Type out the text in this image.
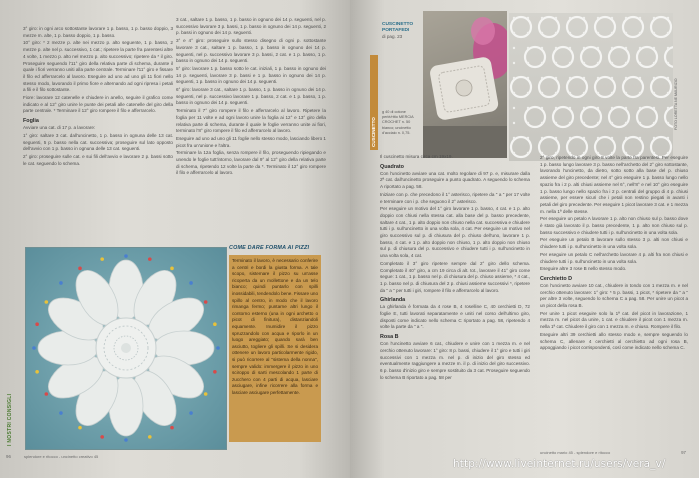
3° giro: in ogni arco sottostante lavorare 1 p. basso, 1 p. basso doppio, 3 mezze m. alte, 1 p. basso doppio, 1 p. basso.

10° giro: * 2 mezze p. alte nei mezzo p. alto seguente, 1 p. basso, 2 mezze p. alte nel p. successivo, 1 cat.; ripetere la parte fra parentesi altre 4 volte, 1 mezzo p. alto nel mezzo p. alto successivo; ripetere da * il giro. Proseguire seguendo l'11° giro della relativa parte di schema, durante il quale i fiori verranno uniti alla parte centrale. Terminare l'11° giro e fissare il filo ed afferrarcelo al lavoro. Eseguire ad uno ad uno gli 11 fiori nello stesso modo, lavorando il primo fiore e alternando ad ogni ripresa i petali a fili e il filo sottostante.

Fiore: lavorare 12 catenelle e chiudere in anello, seguire il grafico come indicato e al 12° giro unire le punte dei petali alle catenelle del giro della parte centrale. * Terminare il 12° giro rompere il filo e afferrarcelo.

Foglia

Avviare una cat. di 17 p. a lavorare:

1° giro: saltare 3 cat. dall'uncinetto, 1 p. basso in ognuna delle 13 cat. seguenti, 5 p. basso nella cat. successiva; proseguire sul lato opposto dell'avvio con 1 p. basso in ognuna delle 13 cat. seguenti.

2° giro: proseguire sulle cat. e sui fili dell'avvio e lavorare 2 p. bassi sotto le cat. seguendo lo schema.

3 cat., saltare 1 p. basso, 1 p. basso in ognuno dei 14 p. seguenti, nel p. successivo lavorare 3 p. bassi, 1 p. basso in ognuno dei 14 p. seguenti, 2 p. bassi in ognuno dei 14 p. seguenti.

3° e 4° giro: proseguire sullo stesso disegno di ogni p. sottostante lavorare 3 cat., saltare 1 p. basso, 1 p. basso in ognuno dei 14 p. seguenti, nel p. successivo lavorare 3 p. bassi, 2 cat. e 1 p. basso, 1 p. basso in ognuno dei 14 p. seguenti.

5° giro: lavorare 1 p. basso sotto le cat. iniziali, 1 p. basso in ognuno dei 14 p. seguenti, lavorare 3 p. bassi e 1 p. basso in ognuno dei 14 p. seguenti, 1 p. basso in ognuno dei 14 p. seguenti.

6° giro: lavorare 3 cat., saltare 1 p. basso, 1 p. basso in ognuno dei 14 p. seguenti, nel p. successivo lavorare 1 p. basso, 2 cat. e 1 p. basso, 1 p. basso in ognuno dei 14 p. seguenti.

Terminato il 7° giro rompere il filo e afferrarcelo al lavoro. Ripetere la foglia per 11 volte e ad ogni lavoro unire la foglia ai 12° e 13° giro della relativa parte di schema, durante il quale le foglie verranno unite ai fiori, terminato l'8° giro rompere il filo ed afferrarcelo al lavoro.

Eseguire ad uno ad uno gli 11 foglie nello stesso modo, lasciando libero 1 picot fra un'unione e l'altra.

Terminare la 12a foglia, senza rompere il filo, proseguendo ripiegando e unendo le foglie tutt'intorno, lavorare dal 9° al 12° giro della relativa parte di schema, ripetendo 12 volte la parte da *. Terminato il 12° giro rompere il filo e afferrarcelo al lavoro.

COME DARE FORMA AI PIZZI
Terminato il lavoro, è necessario conferire a centri e bordi la giusta forma. A tale scopo, sistemare il pizzo su un'asse ricoperta da un mollettone e da un telo bianco; quindi puntarlo con spilli inossidabili, tendendolo bene. Fissare uno spillo al centro, in modo che il lavoro rimanga fermo; puntarne altri lungo il contorno esterno (una in ogni archetto o picot di finitura), distanziandoli equamente. Inumidire il pizzo spruzzandolo con acqua e riporlo in un luogo areggiato; quando sarà ben asciutto, togliere gli spilli. Se si desidera ottenere un lavoro particolarmente rigido, si può ricorrere al "sistema della nonna", sempre valido: immergere il pizzo in uno sciroppo di sarti mescolando 1 parte di zucchero con 4 parti di acqua, lasciare asciugare, infine ricorrere alla forma e lasciare asciugare perfettamente.
I NOSTRI CONSIGLI
96	splendore e ritocco - uncinetto creativo 45
CUSCINETTO PORTAFEDI
di pag. 23
CUSCINETTO
g 40 di cotone perlé/ritto MERCIA CROCHET n. 50 bianco; uncinetto d'acciaio n. 0,75.
FOTO LORETTA NE MAURIZIO

Il cuscinetto misura circa cm 19x19.

Quadrato

Con l'uncinetto avviare una cat. molto regolare di 97 p. e, misurare dalla 2ª cat. dall'uncinetto proseguire a punto quadrato. A seguendo lo schema A riportato a pag. 58.

Iniziare con p. che precedono il 1° asterisco, ripetere da " a " per 17 volte e terminare con i p. che seguono il 2° asterisco.

Per eseguire un motivo del 1° giro lavorare 1 p. basso, 4 cat. e 1 p. alto doppio con chiusi nella stessa cat. alla base del p. basso precedente, saltare 4 cat., 1 p. alto doppio non chiuso nella cat. successiva e chiudere tutti i p. sull'uncinetto in una volta sola, 4 cat. Per eseguire un motivo nel giro successivo sul p. di chiusura del p. chiuso dell'uno, lavorare 1 p. basso, 4 cat. e 1 p. alto doppio non chiuso, 1 p. alto doppio non chiuso sul p. di chiusura del p. successivo e chiudere tutti i p. sull'uncinetto in una volta sola, 4 cat.

Completato il 3° giro ripetere sempre dal 2° giro dello schema. Completato il 40° giro, a cm 19 circa di alt. tot., lavorare il 41° giro come segue: 1 cat., 1 p. basso nel p. di chiusura del p. chiuso assieme, * 4 cat., 1 p. basso nel p. di chiusura del 2 p. chiusi assieme successivi *, ripetere da " a " per tutti i giri, rompere il filo e afferrarcelo al lavoro.

Ghirlanda

La ghirlanda è formata da 4 rose B, 4 roselline C, 40 cerchietti D, 72 foglie E, tutti lavorati separatamente e uniti nel corso dell'ultimo giro, disposti come indicato nello schema C riportato a pag. 58, ripetendo 4 volte la parte da " a ".

Rosa B

Con l'uncinetto avviare 6 cat., chiudere e unire con 1 mezza m. e nel cerchio ottenuto lavorare: 1° giro: 8 p. bassi, chiudere il 1° giro e tutti i giri successivi con 1 mezza m. nel p. di inizio del giro stesso ed eventualmente raggiungere a mezze m. il p. di inizio del giro successivo. 6 p. basso d'inizio giro e sempre sostituito da 3 cat. Proseguire seguendo lo schema B riportato a pag. 58 per

2° giro, ripetendo in ogni giro 8 volte la parte fra parentesi. Per eseguire 1 p. basso lungo lavorare 3 p. basso nell'archetto del 2° giro sottostante, lavorando l'uncinetto, da dietro, sotto sotto alla base del p. chiuso assieme del giro precedente; nel 4° giro eseguire 1 p. basso lungo nello spazio fra i 2 p. alti chiusi assieme nel 6°, nell'8° e nel 10° giro eseguire 1 p. basso lungo nello spazio fra i 2 p. centrali del gruppo di 4 p. chiusi assieme, per essere sicuri che i petali non restino piegati in avanti i petali del giro precedente. Per eseguire 1 picot lavorare 3 cat. e 1 mezza m. nella 1ª delle stesse.

Per eseguire un petalo A lavorare 1 p. alto non chiuso sul p. basso dove è stato già lavorato il p. basso precedente, 1 p. alto non chiuso sul p. basso successivo e chiudere tutti i p. sull'uncinetto in una volta sola.

Per eseguire un petalo B lavorare sullo stesso 3 p. alti non chiusi e chiudere tutti i p. sull'uncinetto in una volta sola.

Per eseguire un petalo C nell'archetto lavorare 4 p. alti fra non chiusi e chiudere tutti i p. sull'uncinetto in una volta sola.

Eseguire altre 3 rose B nello stesso modo.

Cerchietto D

Con l'uncinetto avviare 10 cat., chiudere in tondo con 1 mezza m. e nel cerchio ottenuto lavorare: 1° giro: * 5 p. bassi, 1 picot, * ripetere da " a " per altre 3 volte, seguendo lo schema C a pag. 58. Per unire un picot a un picot della rosa B.

Per unire 1 picot eseguire solo la 1ª cat. del picot in lavorazione, 1 mezza m. nel picot da unire, 1 cat. e chiudere il picot con 1 mezza m. nella 1ª cat. Chiudere il giro con 1 mezza m. e chiuso. Rompere il filo.

Eseguire altri 39 cerchietti allo stesso modo e, sempre seguendo lo schema C, allenare 4 cerchietti al cerchietto ad ogni rosa B, appoggiando i picot corrispondenti, così come indicato nello schema C.

uncinetto mario 45 - splendore e ritocco	97
http://www.liveinternet.ru/users/vera_v/
